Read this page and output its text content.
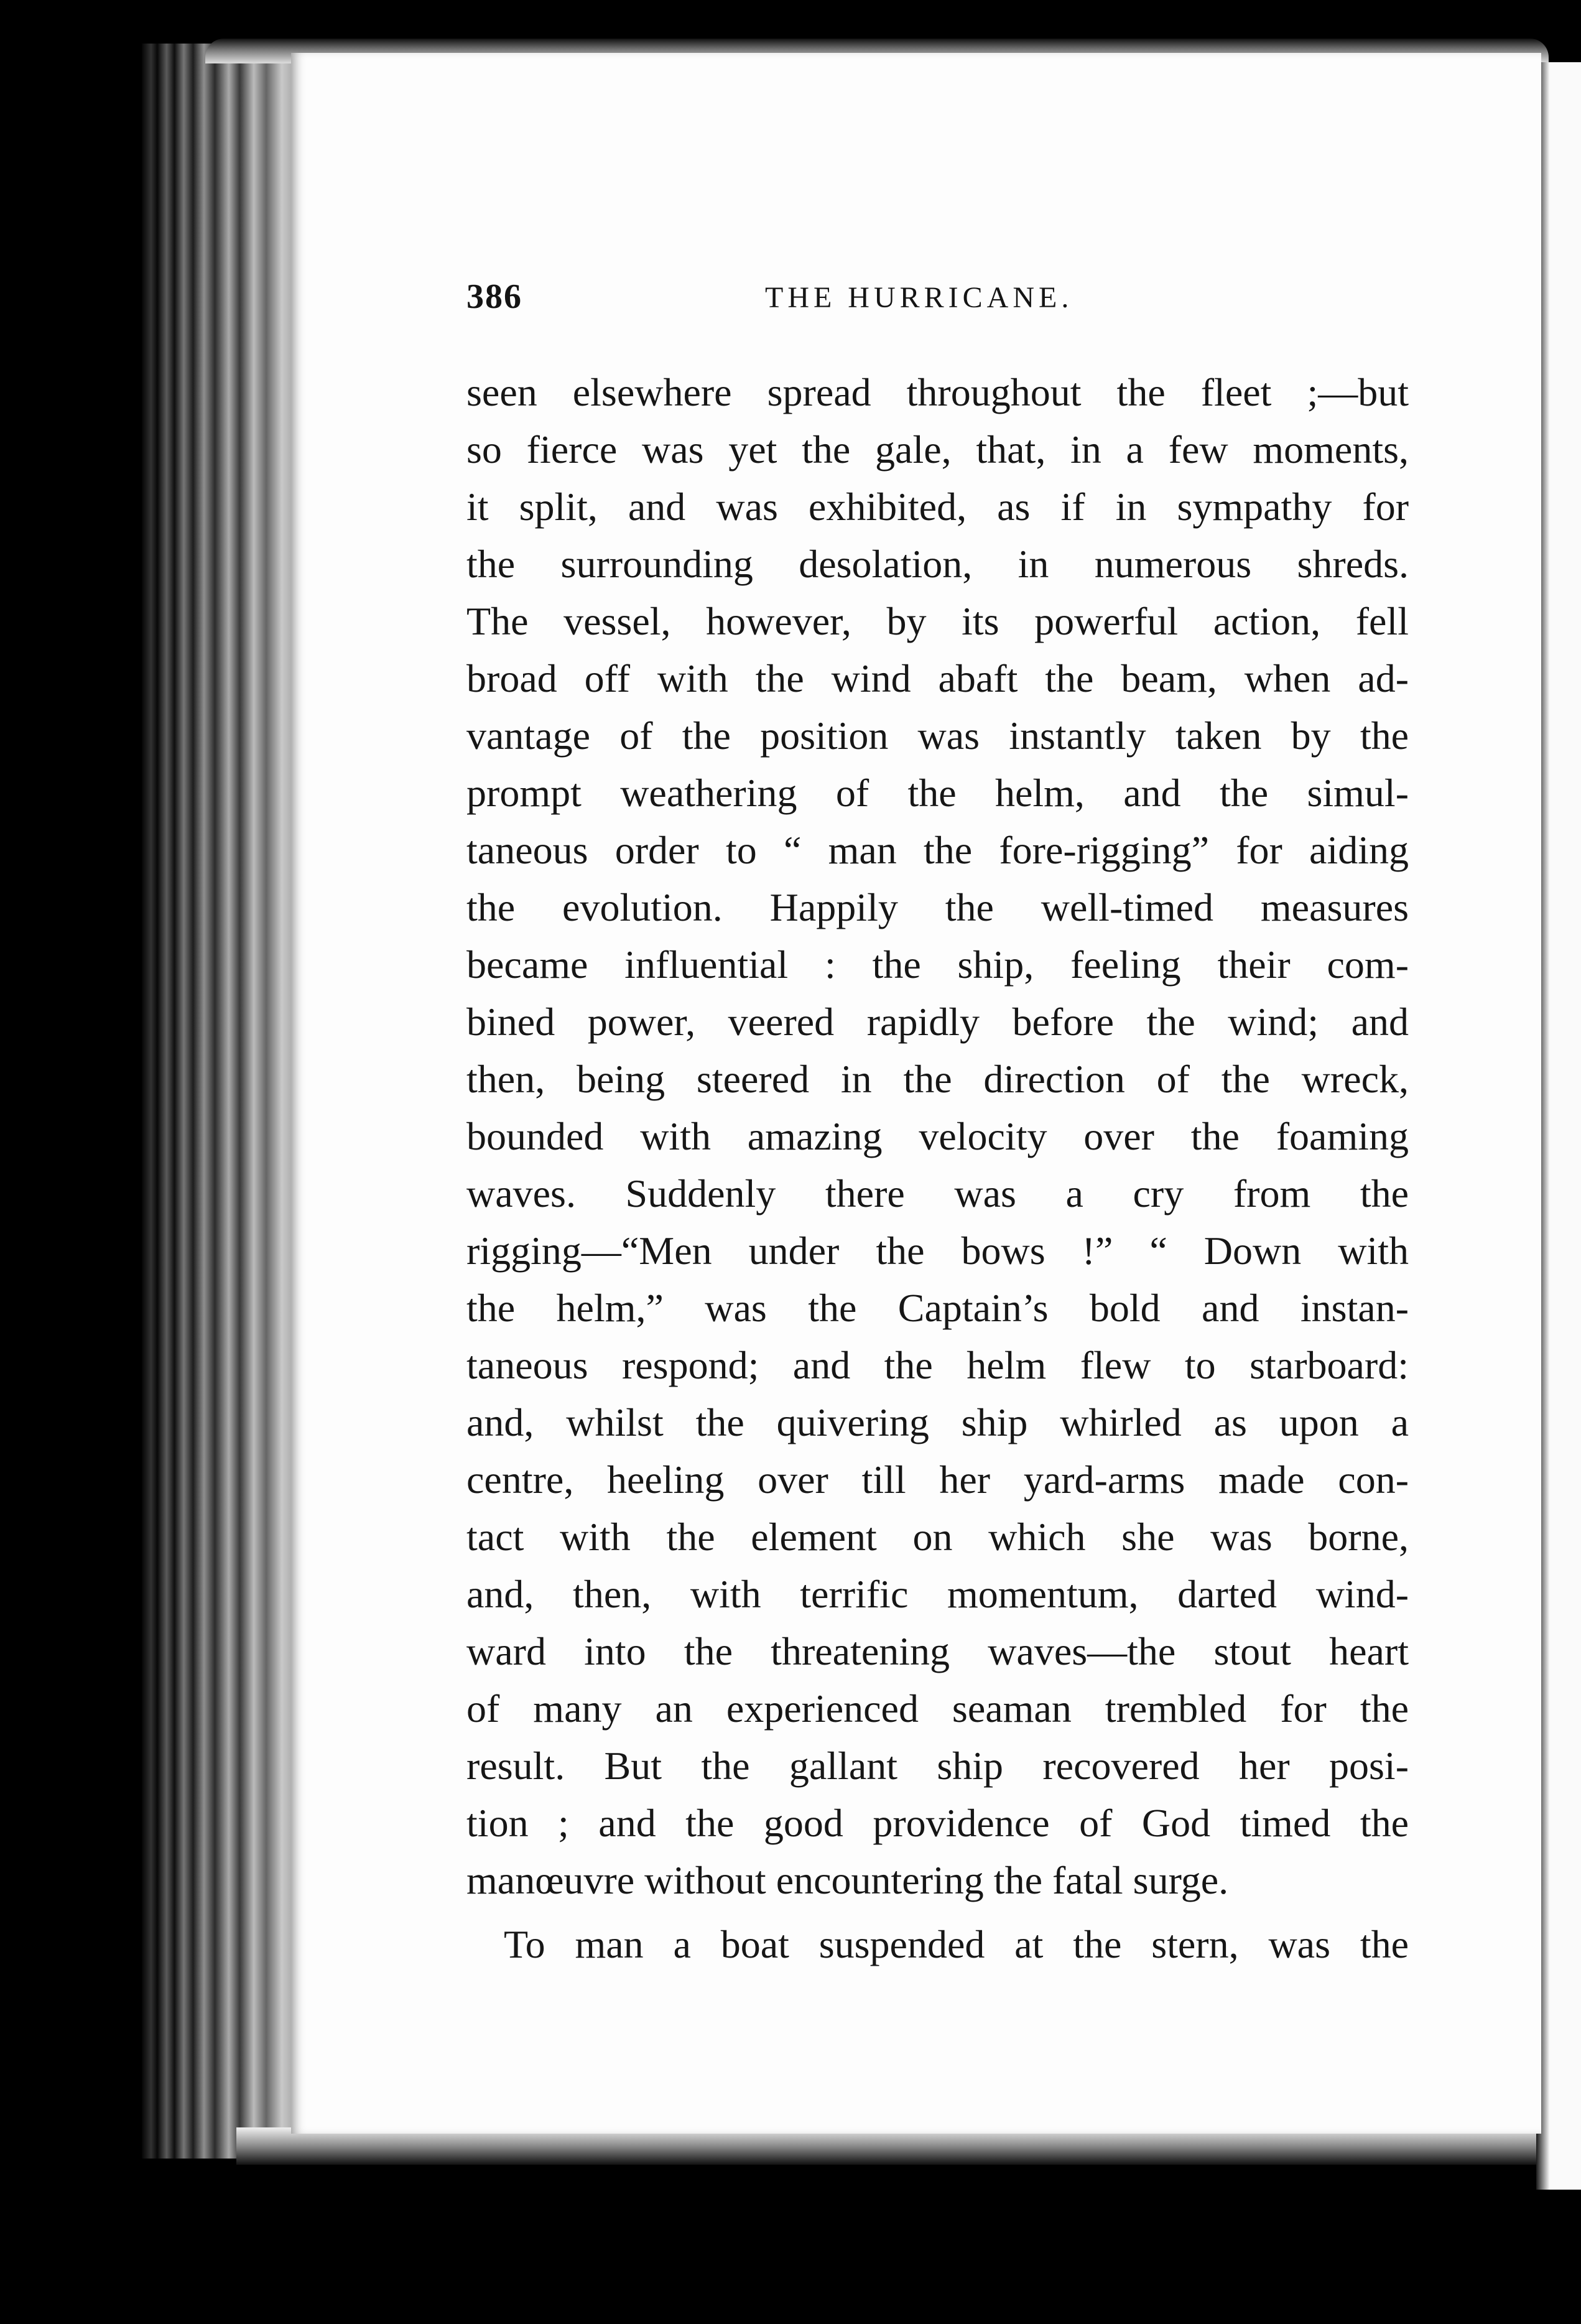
386	THE HURRICANE.
seen elsewhere spread throughout the fleet ;—but
so fierce was yet the gale, that, in a few moments,
it split, and was exhibited, as if in sympathy for
the surrounding desolation, in numerous shreds.
The vessel, however, by its powerful action, fell
broad off with the wind abaft the beam, when ad-
vantage of the position was instantly taken by the
prompt weathering of the helm, and the simul-
taneous order to “ man the fore-rigging” for aiding
the evolution. Happily the well-timed measures
became influential : the ship, feeling their com-
bined power, veered rapidly before the wind; and
then, being steered in the direction of the wreck,
bounded with amazing velocity over the foaming
waves. Suddenly there was a cry from the
rigging—“Men under the bows !” “ Down with
the helm,” was the Captain’s bold and instan-
taneous respond; and the helm flew to starboard:
and, whilst the quivering ship whirled as upon a
centre, heeling over till her yard-arms made con-
tact with the element on which she was borne,
and, then, with terrific momentum, darted wind-
ward into the threatening waves—the stout heart
of many an experienced seaman trembled for the
result. But the gallant ship recovered her posi-
tion ; and the good providence of God timed the
manœuvre without encountering the fatal surge.
To man a boat suspended at the stern, was the
